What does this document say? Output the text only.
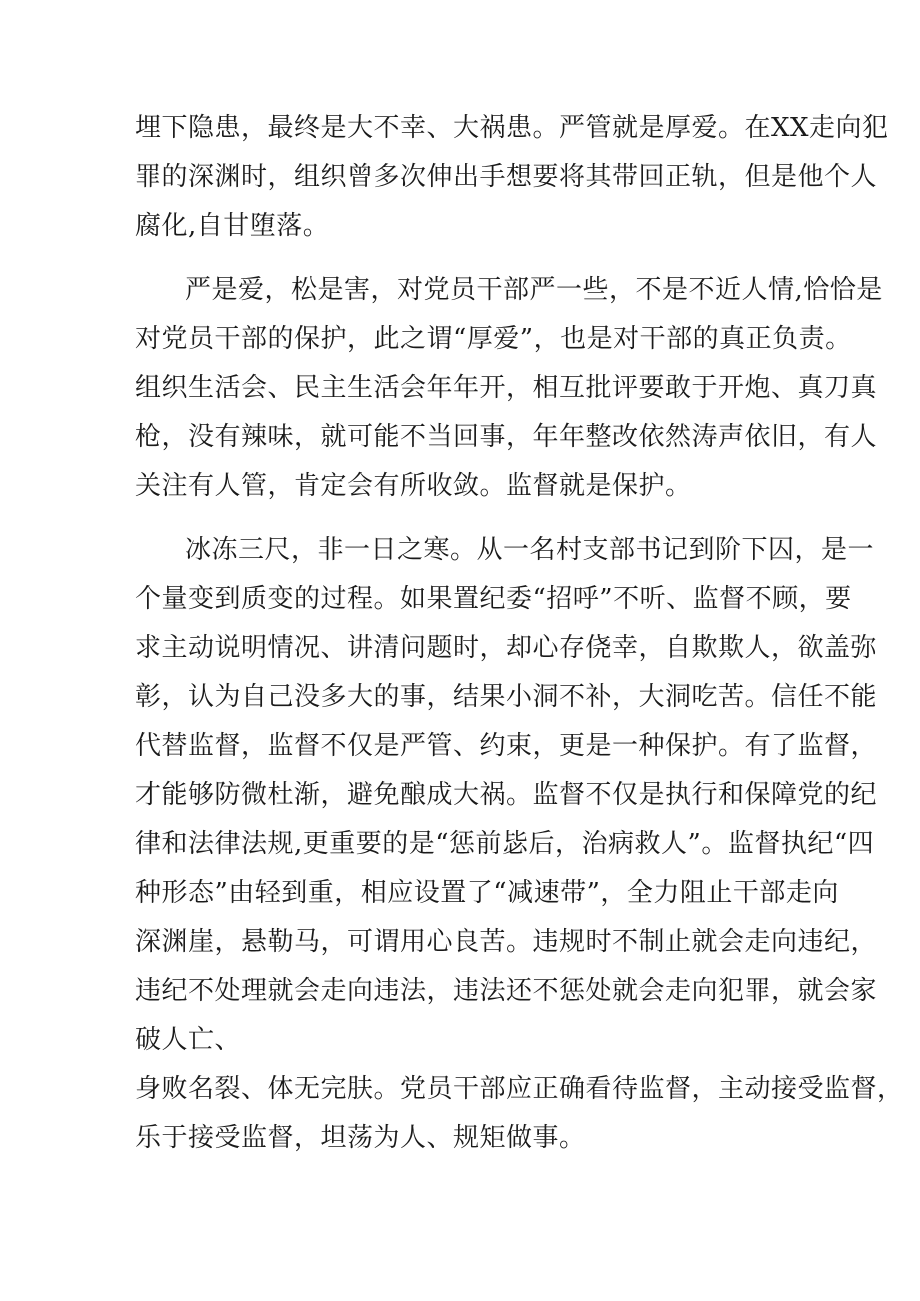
埋下隐患，最终是大不幸、大祸患。严管就是厚爱。在XX走向犯
罪的深渊时，组织曾多次伸出手想要将其带回正轨，但是他个人
腐化,自甘堕落。
严是爱，松是害，对党员干部严一些，不是不近人情,恰恰是
对党员干部的保护，此之谓“厚爱”，也是对干部的真正负责。
组织生活会、民主生活会年年开，相互批评要敢于开炮、真刀真
枪，没有辣味，就可能不当回事，年年整改依然涛声依旧，有人
关注有人管，肯定会有所收敛。监督就是保护。
冰冻三尺，非一日之寒。从一名村支部书记到阶下囚，是一
个量变到质变的过程。如果置纪委“招呼”不听、监督不顾，要
求主动说明情况、讲清问题时，却心存侥幸，自欺欺人，欲盖弥
彰，认为自己没多大的事，结果小洞不补，大洞吃苦。信任不能
代替监督，监督不仅是严管、约束，更是一种保护。有了监督，
才能够防微杜渐，避免酿成大祸。监督不仅是执行和保障党的纪
律和法律法规,更重要的是“惩前毖后，治病救人”。监督执纪“四
种形态”由轻到重，相应设置了“减速带”，全力阻止干部走向
深渊崖，悬勒马，可谓用心良苦。违规时不制止就会走向违纪，
违纪不处理就会走向违法，违法还不惩处就会走向犯罪，就会家
破人亡、
身败名裂、体无完肤。党员干部应正确看待监督，主动接受监督，
乐于接受监督，坦荡为人、规矩做事。
